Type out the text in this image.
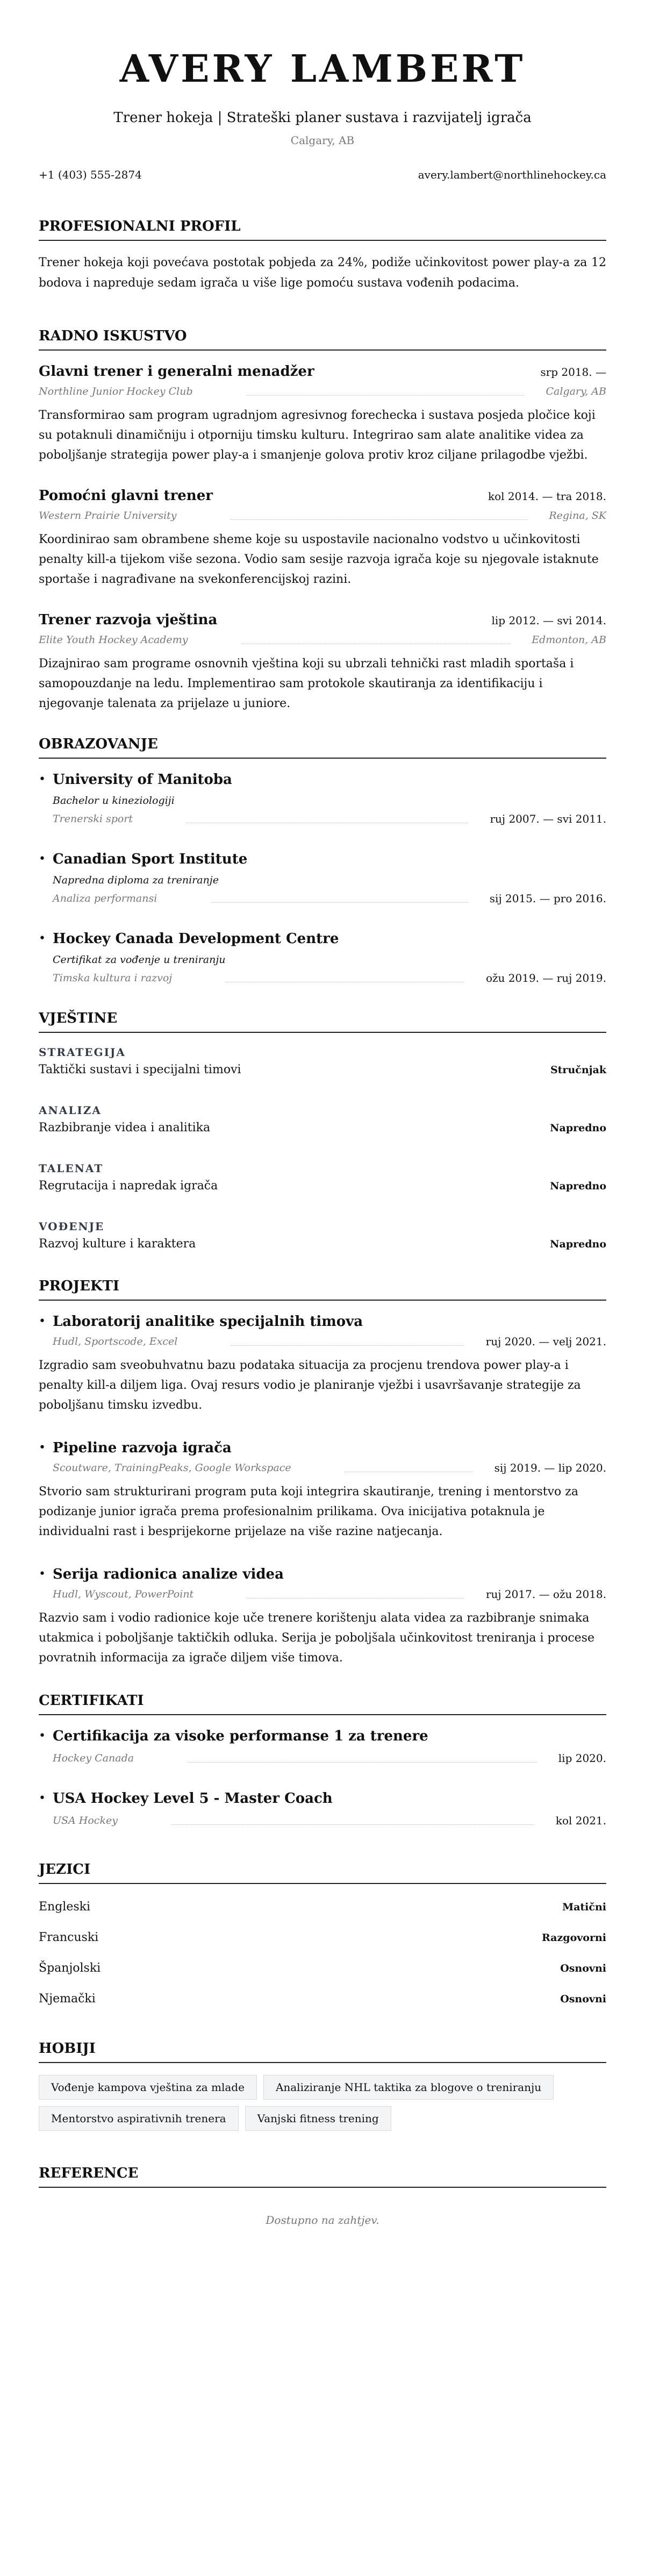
AVERY LAMBERT
Trener hokeja | Strateški planer sustava i razvijatelj igrača
Calgary, AB
+1 (403) 555-2874	avery.lambert@northlinehockey.ca
PROFESIONALNI PROFIL
Trener hokeja koji povećava postotak pobjeda za 24%, podiže učinkovitost power play-a za 12 bodova i napreduje sedam igrača u više lige pomoću sustava vođenih podacima.
RADNO ISKUSTVO
Glavni trener i generalni menadžer	srp 2018. —
Northline Junior Hockey Club	Calgary, AB
Transformirao sam program ugradnjom agresivnog forechecka i sustava posjeda pločice koji su potaknuli dinamičniju i otporniju timsku kulturu. Integrirao sam alate analitike videa za poboljšanje strategija power play-a i smanjenje golova protiv kroz ciljane prilagodbe vježbi.
Pomoćni glavni trener	kol 2014. — tra 2018.
Western Prairie University	Regina, SK
Koordinirao sam obrambene sheme koje su uspostavile nacionalno vodstvo u učinkovitosti penalty kill-a tijekom više sezona. Vodio sam sesije razvoja igrača koje su njegovale istaknute sportaše i nagrađivane na svekonferencijskoj razini.
Trener razvoja vještina	lip 2012. — svi 2014.
Elite Youth Hockey Academy	Edmonton, AB
Dizajnirao sam programe osnovnih vještina koji su ubrzali tehnički rast mladih sportaša i samopouzdanje na ledu. Implementirao sam protokole skautiranja za identifikaciju i njegovanje talenata za prijelaze u juniore.
OBRAZOVANJE
• University of Manitoba
Bachelor u kineziologiji
Trenerski sport	ruj 2007. — svi 2011.
• Canadian Sport Institute
Napredna diploma za treniranje
Analiza performansi	sij 2015. — pro 2016.
• Hockey Canada Development Centre
Certifikat za vođenje u treniranju
Timska kultura i razvoj	ožu 2019. — ruj 2019.
VJEŠTINE
STRATEGIJA
Taktički sustavi i specijalni timovi	Stručnjak
ANALIZA
Razbibranje videa i analitika	Napredno
TALENAT
Regrutacija i napredak igrača	Napredno
VOĐENJE
Razvoj kulture i karaktera	Napredno
PROJEKTI
• Laboratorij analitike specijalnih timova
Hudl, Sportscode, Excel	ruj 2020. — velj 2021.
Izgradio sam sveobuhvatnu bazu podataka situacija za procjenu trendova power play-a i penalty kill-a diljem liga. Ovaj resurs vodio je planiranje vježbi i usavršavanje strategije za poboljšanu timsku izvedbu.
• Pipeline razvoja igrača
Scoutware, TrainingPeaks, Google Workspace	sij 2019. — lip 2020.
Stvorio sam strukturirani program puta koji integrira skautiranje, trening i mentorstvo za podizanje junior igrača prema profesionalnim prilikama. Ova inicijativa potaknula je individualni rast i besprijekorne prijelaze na više razine natjecanja.
• Serija radionica analize videa
Hudl, Wyscout, PowerPoint	ruj 2017. — ožu 2018.
Razvio sam i vodio radionice koje uče trenere korištenju alata videa za razbibranje snimaka utakmica i poboljšanje taktičkih odluka. Serija je poboljšala učinkovitost treniranja i procese povratnih informacija za igrače diljem više timova.
CERTIFIKATI
• Certifikacija za visoke performanse 1 za trenere
Hockey Canada	lip 2020.
• USA Hockey Level 5 - Master Coach
USA Hockey	kol 2021.
JEZICI
Engleski	Matični
Francuski	Razgovorni
Španjolski	Osnovni
Njemački	Osnovni
HOBIJI
Vođenje kampova vještina za mlade	Analiziranje NHL taktika za blogove o treniranju
Mentorstvo aspirativnih trenera	Vanjski fitness trening
REFERENCE
Dostupno na zahtjev.
